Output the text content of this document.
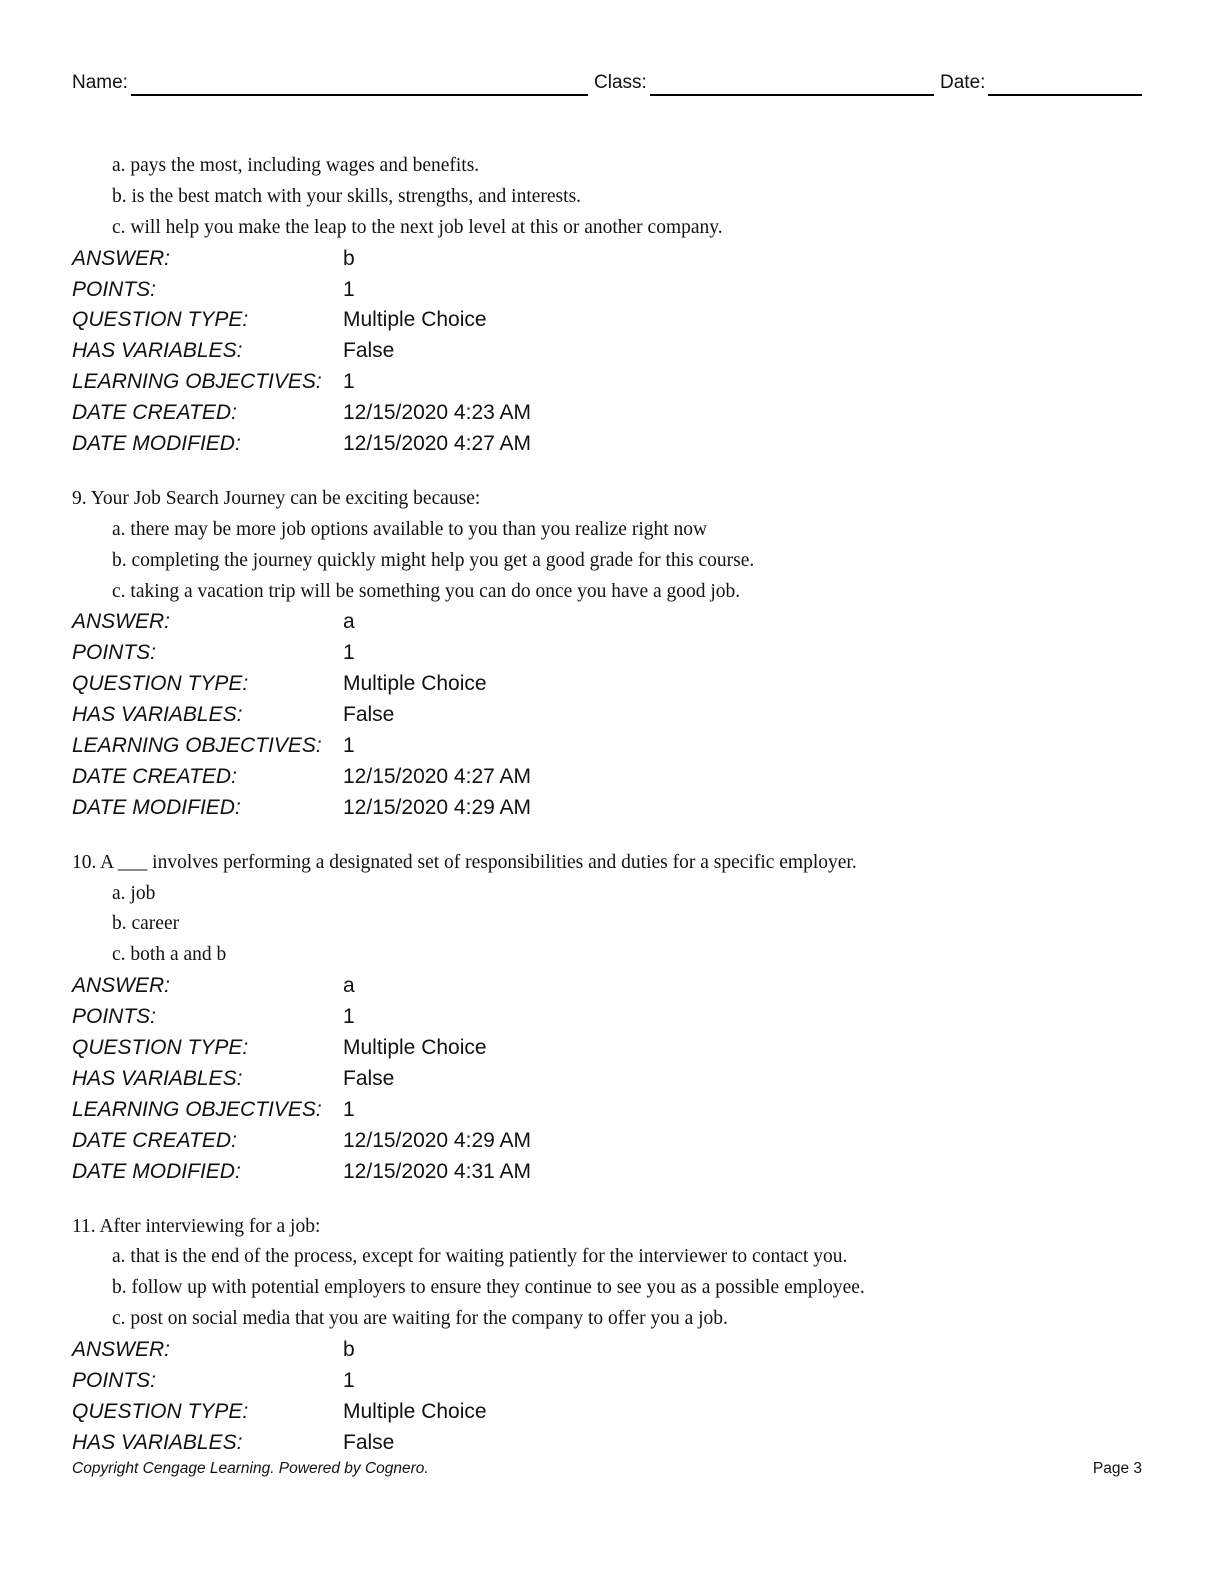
Name:	Class:	Date:
a. pays the most, including wages and benefits.
b. is the best match with your skills, strengths, and interests.
c. will help you make the leap to the next job level at this or another company.
ANSWER:	b
POINTS:	1
QUESTION TYPE:	Multiple Choice
HAS VARIABLES:	False
LEARNING OBJECTIVES:	1
DATE CREATED:	12/15/2020 4:23 AM
DATE MODIFIED:	12/15/2020 4:27 AM
9. Your Job Search Journey can be exciting because:
a. there may be more job options available to you than you realize right now
b. completing the journey quickly might help you get a good grade for this course.
c. taking a vacation trip will be something you can do once you have a good job.
ANSWER:	a
POINTS:	1
QUESTION TYPE:	Multiple Choice
HAS VARIABLES:	False
LEARNING OBJECTIVES:	1
DATE CREATED:	12/15/2020 4:27 AM
DATE MODIFIED:	12/15/2020 4:29 AM
10. A ___ involves performing a designated set of responsibilities and duties for a specific employer.
a. job
b. career
c. both a and b
ANSWER:	a
POINTS:	1
QUESTION TYPE:	Multiple Choice
HAS VARIABLES:	False
LEARNING OBJECTIVES:	1
DATE CREATED:	12/15/2020 4:29 AM
DATE MODIFIED:	12/15/2020 4:31 AM
11. After interviewing for a job:
a. that is the end of the process, except for waiting patiently for the interviewer to contact you.
b. follow up with potential employers to ensure they continue to see you as a possible employee.
c. post on social media that you are waiting for the company to offer you a job.
ANSWER:	b
POINTS:	1
QUESTION TYPE:	Multiple Choice
HAS VARIABLES:	False
Copyright Cengage Learning. Powered by Cognero.	Page 3
